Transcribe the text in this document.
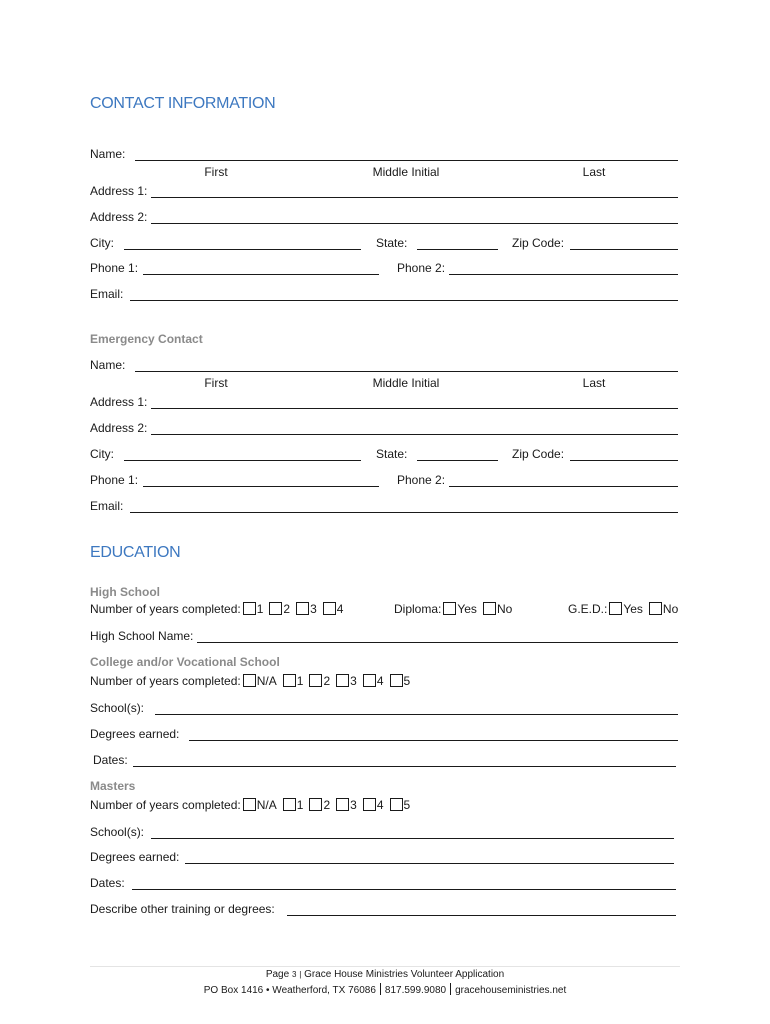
CONTACT INFORMATION
Name:
First	Middle Initial	Last
Address 1:
Address 2:
City:	State:	Zip Code:
Phone 1:	Phone 2:
Email:
Emergency Contact
Name:
First	Middle Initial	Last
Address 1:
Address 2:
City:	State:	Zip Code:
Phone 1:	Phone 2:
Email:
EDUCATION
High School
Number of years completed: 1 2 3 4	Diploma: Yes No	G.E.D.: Yes No
High School Name:
College and/or Vocational School
Number of years completed: N/A 1 2 3 4 5
School(s):
Degrees earned:
Dates:
Masters
Number of years completed: N/A 1 2 3 4 5
School(s):
Degrees earned:
Dates:
Describe other training or degrees:
Page 3 | Grace House Ministries Volunteer Application
PO Box 1416 • Weatherford, TX 76086 817.599.9080 gracehouseministries.net
